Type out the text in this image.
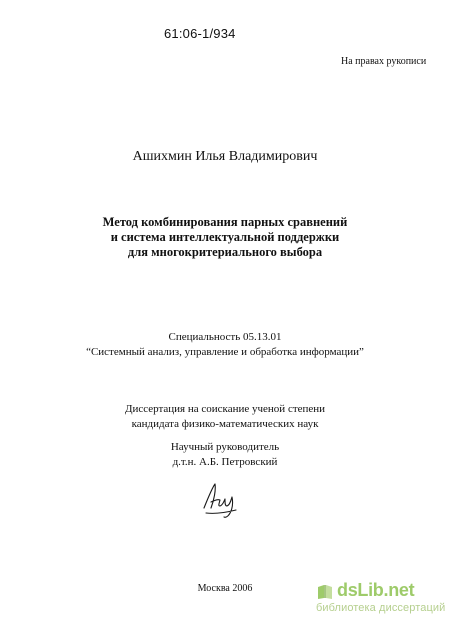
61:06-1/934
На правах рукописи
Ашихмин Илья Владимирович
Метод комбинирования парных сравнений
и система интеллектуальной поддержки
для многокритериального выбора
Специальность 05.13.01
“Системный анализ, управление и обработка информации”
Диссертация на соискание ученой степени
кандидата физико-математических наук
Научный руководитель
д.т.н. А.Б. Петровский
Москва 2006	dsLib.net
библиотека диссертаций
